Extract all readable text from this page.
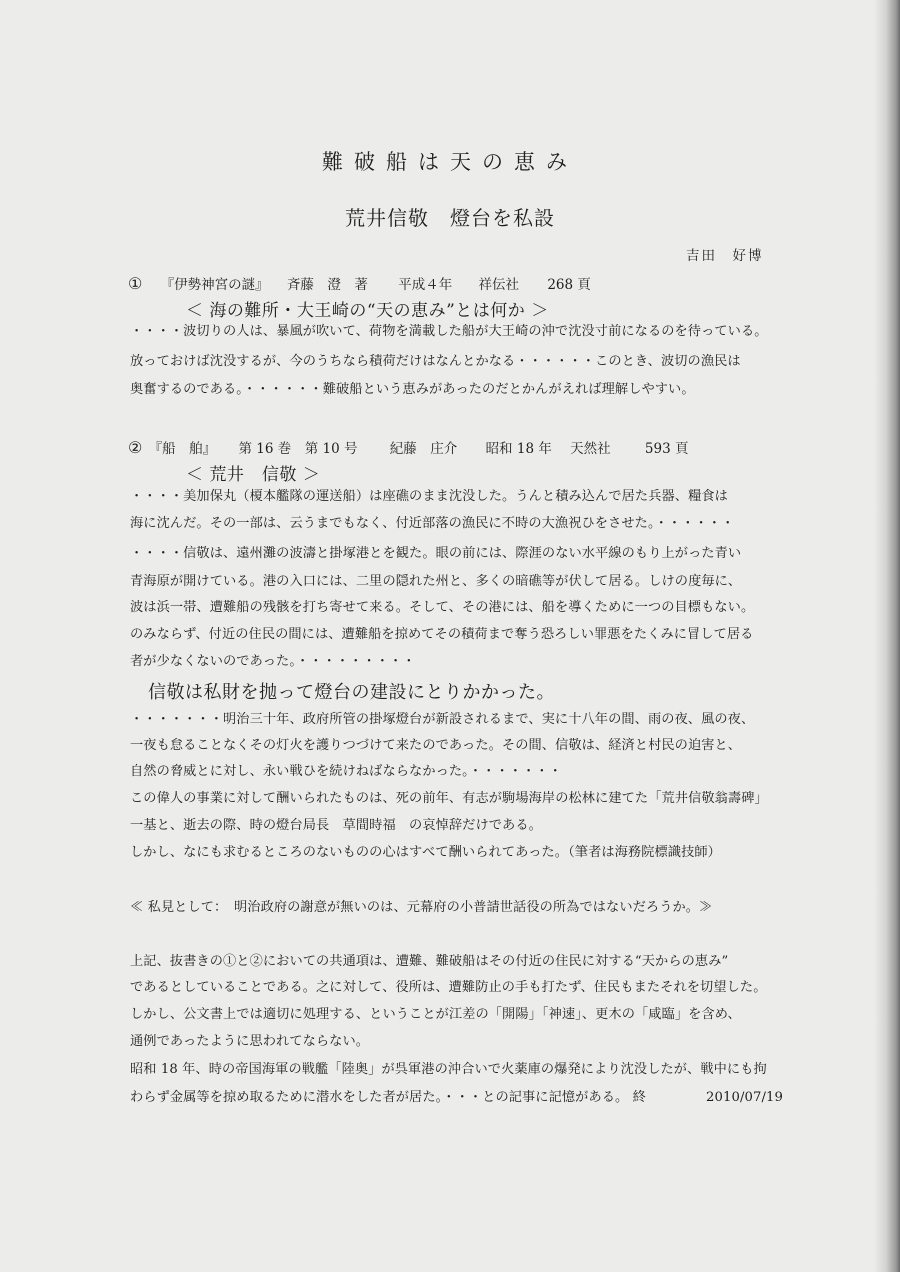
難破船は天の恵み
荒井信敬　燈台を私設
吉田　好博
① 『伊勢神宮の謎』 斉藤　澄　著 平成４年 祥伝社 268 頁
＜ 海の難所・大王崎の“天の恵み”とは何か ＞
・・・・波切りの人は、暴風が吹いて、荷物を満載した船が大王崎の沖で沈没寸前になるのを待っている。
放っておけば沈没するが、今のうちなら積荷だけはなんとかなる・・・・・・このとき、波切の漁民は
奥奮するのである。・・・・・・難破船という恵みがあったのだとかんがえれば理解しやすい。
② 『船　舶』 第 16 巻　第 10 号 紀藤　庄介 昭和 18 年 天然社	593 頁
＜ 荒井　信敬 ＞
・・・・美加保丸（榎本艦隊の運送船）は座礁のまま沈没した。うんと積み込んで居た兵器、糧食は
海に沈んだ。その一部は、云うまでもなく、付近部落の漁民に不時の大漁祝ひをさせた。・・・・・・
・・・・信敬は、遠州灘の波濤と掛塚港とを観た。眼の前には、際涯のない水平線のもり上がった青い
青海原が開けている。港の入口には、二里の隠れた州と、多くの暗礁等が伏して居る。しけの度毎に、
波は浜一帯、遭難船の残骸を打ち寄せて来る。そして、その港には、船を導くために一つの目標もない。
のみならず、付近の住民の間には、遭難船を掠めてその積荷まで奪う恐ろしい罪悪をたくみに冒して居る
者が少なくないのであった。・・・・・・・・・
信敬は私財を抛って燈台の建設にとりかかった。
・・・・・・・明治三十年、政府所管の掛塚燈台が新設されるまで、実に十八年の間、雨の夜、風の夜、
一夜も怠ることなくその灯火を護りつづけて来たのであった。その間、信敬は、経済と村民の迫害と、
自然の脅威とに対し、永い戦ひを続けねばならなかった。・・・・・・・
この偉人の事業に対して酬いられたものは、死の前年、有志が駒場海岸の松林に建てた「荒井信敬翁壽碑」
一基と、逝去の際、時の燈台局長　草間時福　の哀悼辞だけである。
しかし、なにも求むるところのないものの心はすべて酬いられてあった。（筆者は海務院標識技師）
≪ 私見として：　明治政府の謝意が無いのは、元幕府の小普請世話役の所為ではないだろうか。≫
上記、抜書きの①と②においての共通項は、遭難、難破船はその付近の住民に対する“天からの恵み”
であるとしていることである。之に対して、役所は、遭難防止の手も打たず、住民もまたそれを切望した。
しかし、公文書上では適切に処理する、ということが江差の「開陽」「神速」、更木の「咸臨」を含め、
通例であったように思われてならない。
昭和 18 年、時の帝国海軍の戦艦「陸奥」が呉軍港の沖合いで火薬庫の爆発により沈没したが、戦中にも拘
わらず金属等を掠め取るために潜水をした者が居た。・・・との記事に記憶がある。 終	2010/07/19
